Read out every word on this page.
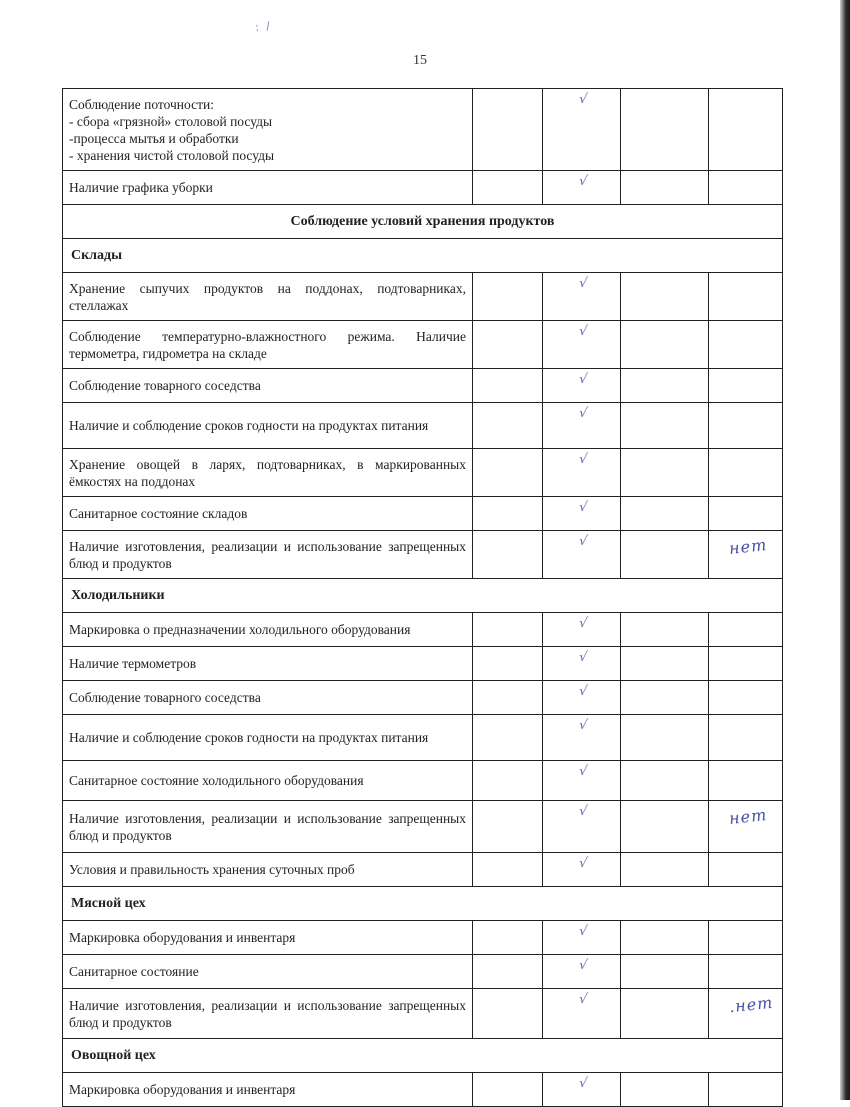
: /
15
Соблюдение поточности:
- сбора «грязной» столовой посуды
-процесса мытья и обработки
- хранения чистой столовой посуды		√		

Наличие графика уборки		√		

Соблюдение условий хранения продуктов				
Склады				
Хранение сыпучих продуктов на поддонах, подтоварниках, стеллажах		√		

Соблюдение температурно-влажностного режима. Наличие термометра, гидрометра на складе		√		

Соблюдение товарного соседства		√		

Наличие и соблюдение сроков годности на продуктах питания		√		

Хранение овощей в ларях, подтоварниках, в маркированных ёмкостях на поддонах		√		

Санитарное состояние складов		√		

Наличие изготовления, реализации и использование запрещенных блюд и продуктов		√		нет

Холодильники				
Маркировка о предназначении холодильного оборудования		√		

Наличие термометров		√		

Соблюдение товарного соседства		√		

Наличие и соблюдение сроков годности на продуктах питания		√		

Санитарное состояние холодильного оборудования		√		

Наличие изготовления, реализации и использование запрещенных блюд и продуктов		√		нет

Условия и правильность хранения суточных проб		√		

Мясной цех				
Маркировка оборудования и инвентаря		√		

Санитарное состояние		√		

Наличие изготовления, реализации и использование запрещенных блюд и продуктов		√		.нет

Овощной цех				
Маркировка оборудования и инвентаря		√		
